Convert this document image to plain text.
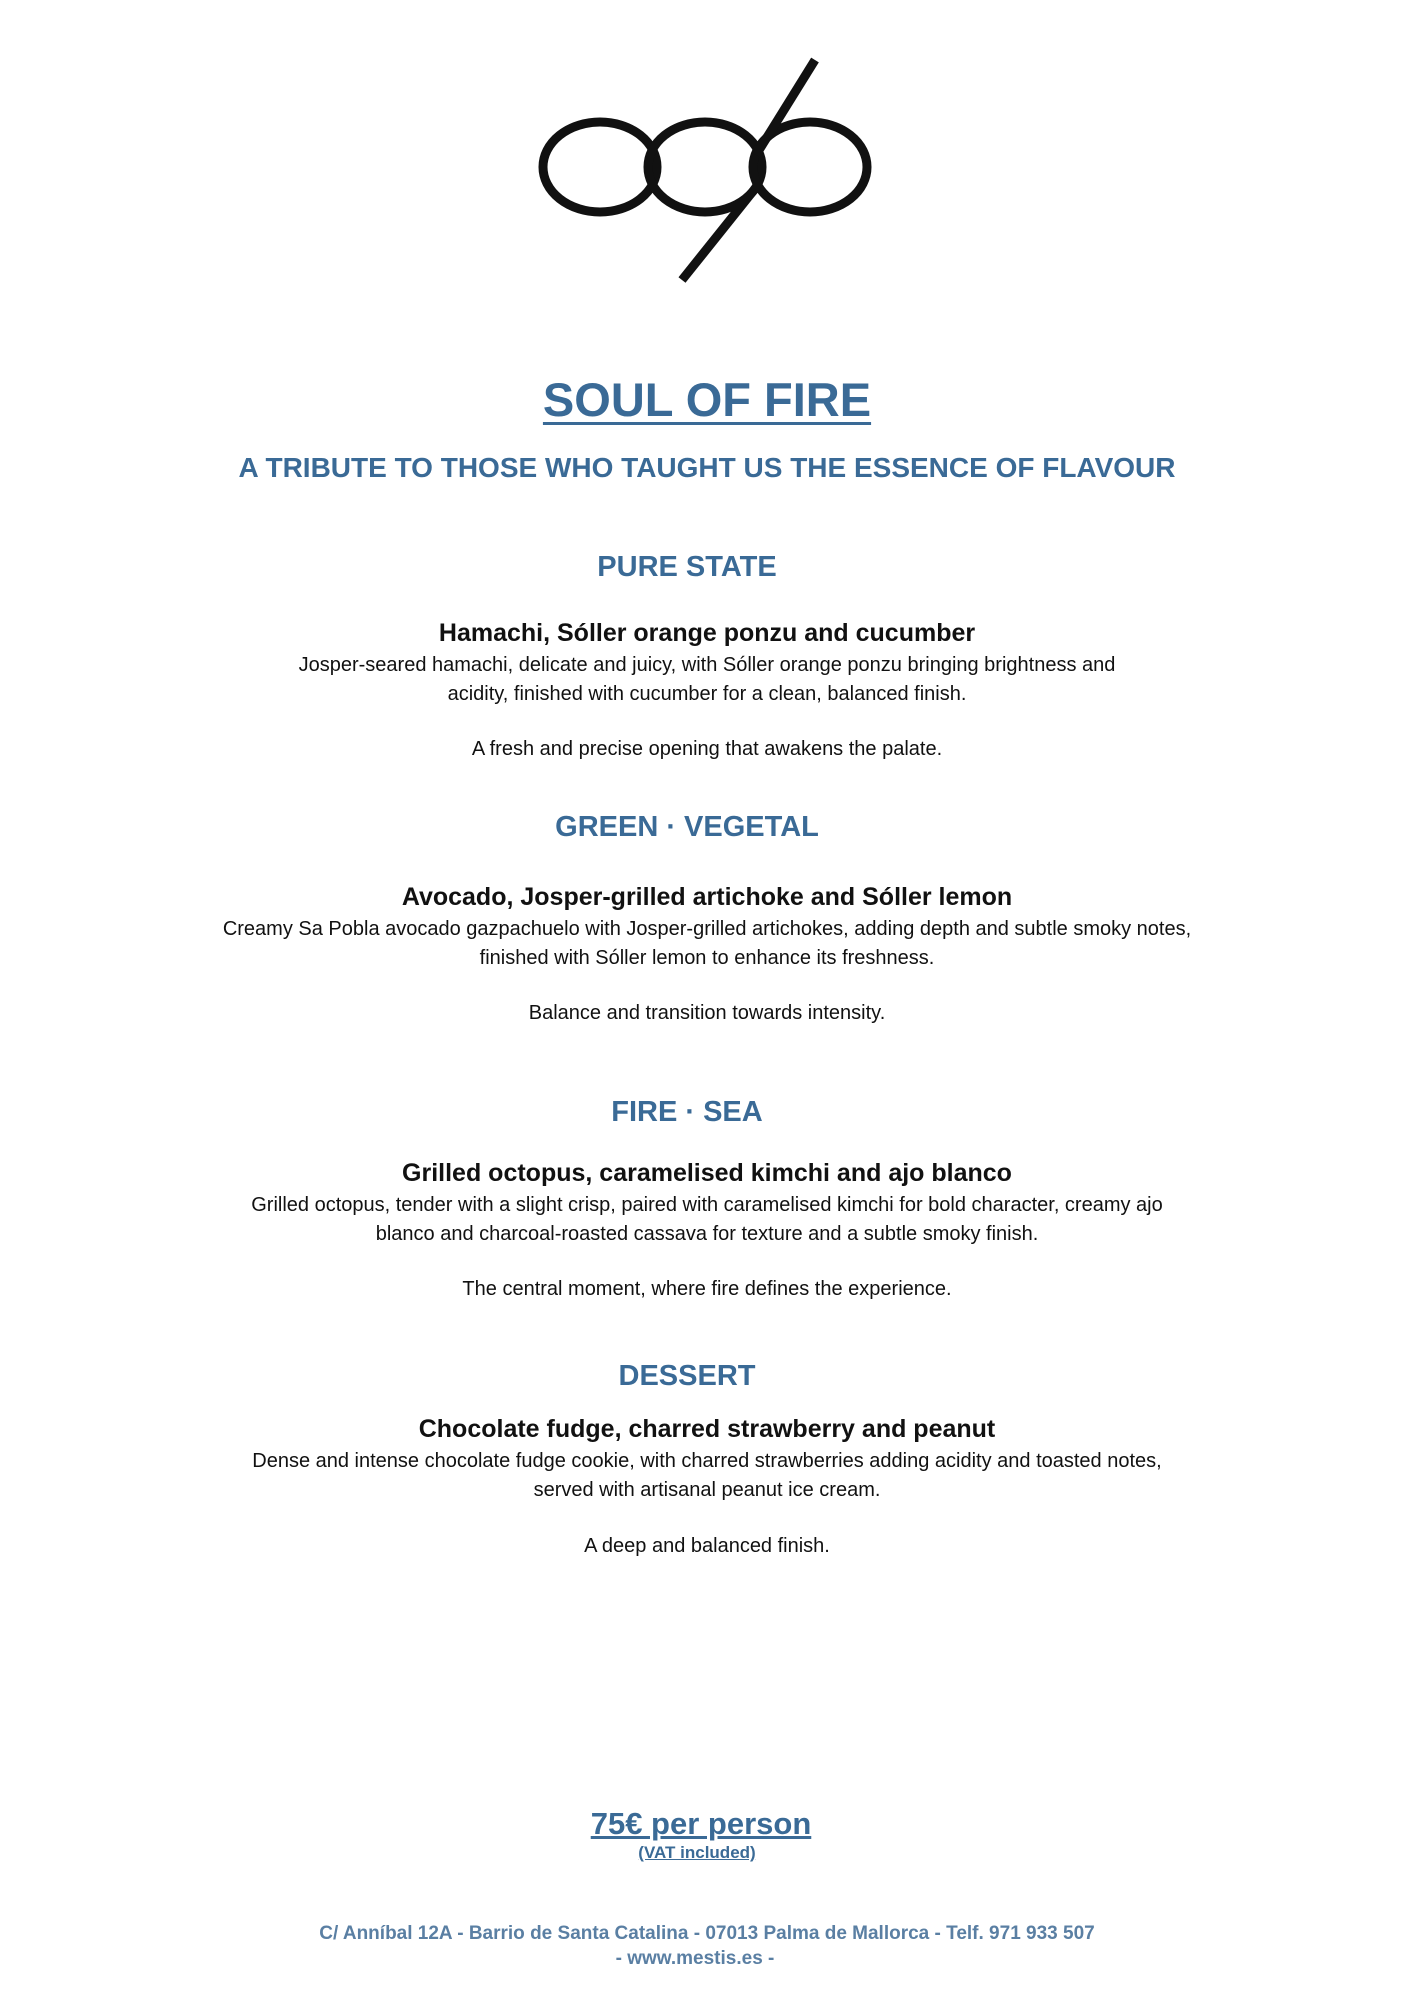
SOUL OF FIRE
A TRIBUTE TO THOSE WHO TAUGHT US THE ESSENCE OF FLAVOUR
PURE STATE
Hamachi, Sóller orange ponzu and cucumber

Josper-seared hamachi, delicate and juicy, with Sóller orange ponzu bringing brightness and

acidity, finished with cucumber for a clean, balanced finish.

A fresh and precise opening that awakens the palate.
GREEN · VEGETAL
Avocado, Josper-grilled artichoke and Sóller lemon

Creamy Sa Pobla avocado gazpachuelo with Josper-grilled artichokes, adding depth and subtle smoky notes,

finished with Sóller lemon to enhance its freshness.

Balance and transition towards intensity.
FIRE · SEA
Grilled octopus, caramelised kimchi and ajo blanco

Grilled octopus, tender with a slight crisp, paired with caramelised kimchi for bold character, creamy ajo

blanco and charcoal-roasted cassava for texture and a subtle smoky finish.

The central moment, where fire defines the experience.
DESSERT
Chocolate fudge, charred strawberry and peanut

Dense and intense chocolate fudge cookie, with charred strawberries adding acidity and toasted notes,

served with artisanal peanut ice cream.

A deep and balanced finish.
75€ per person
(VAT included)
C/ Anníbal 12A - Barrio de Santa Catalina - 07013 Palma de Mallorca - Telf. 971 933 507
- www.mestis.es -
